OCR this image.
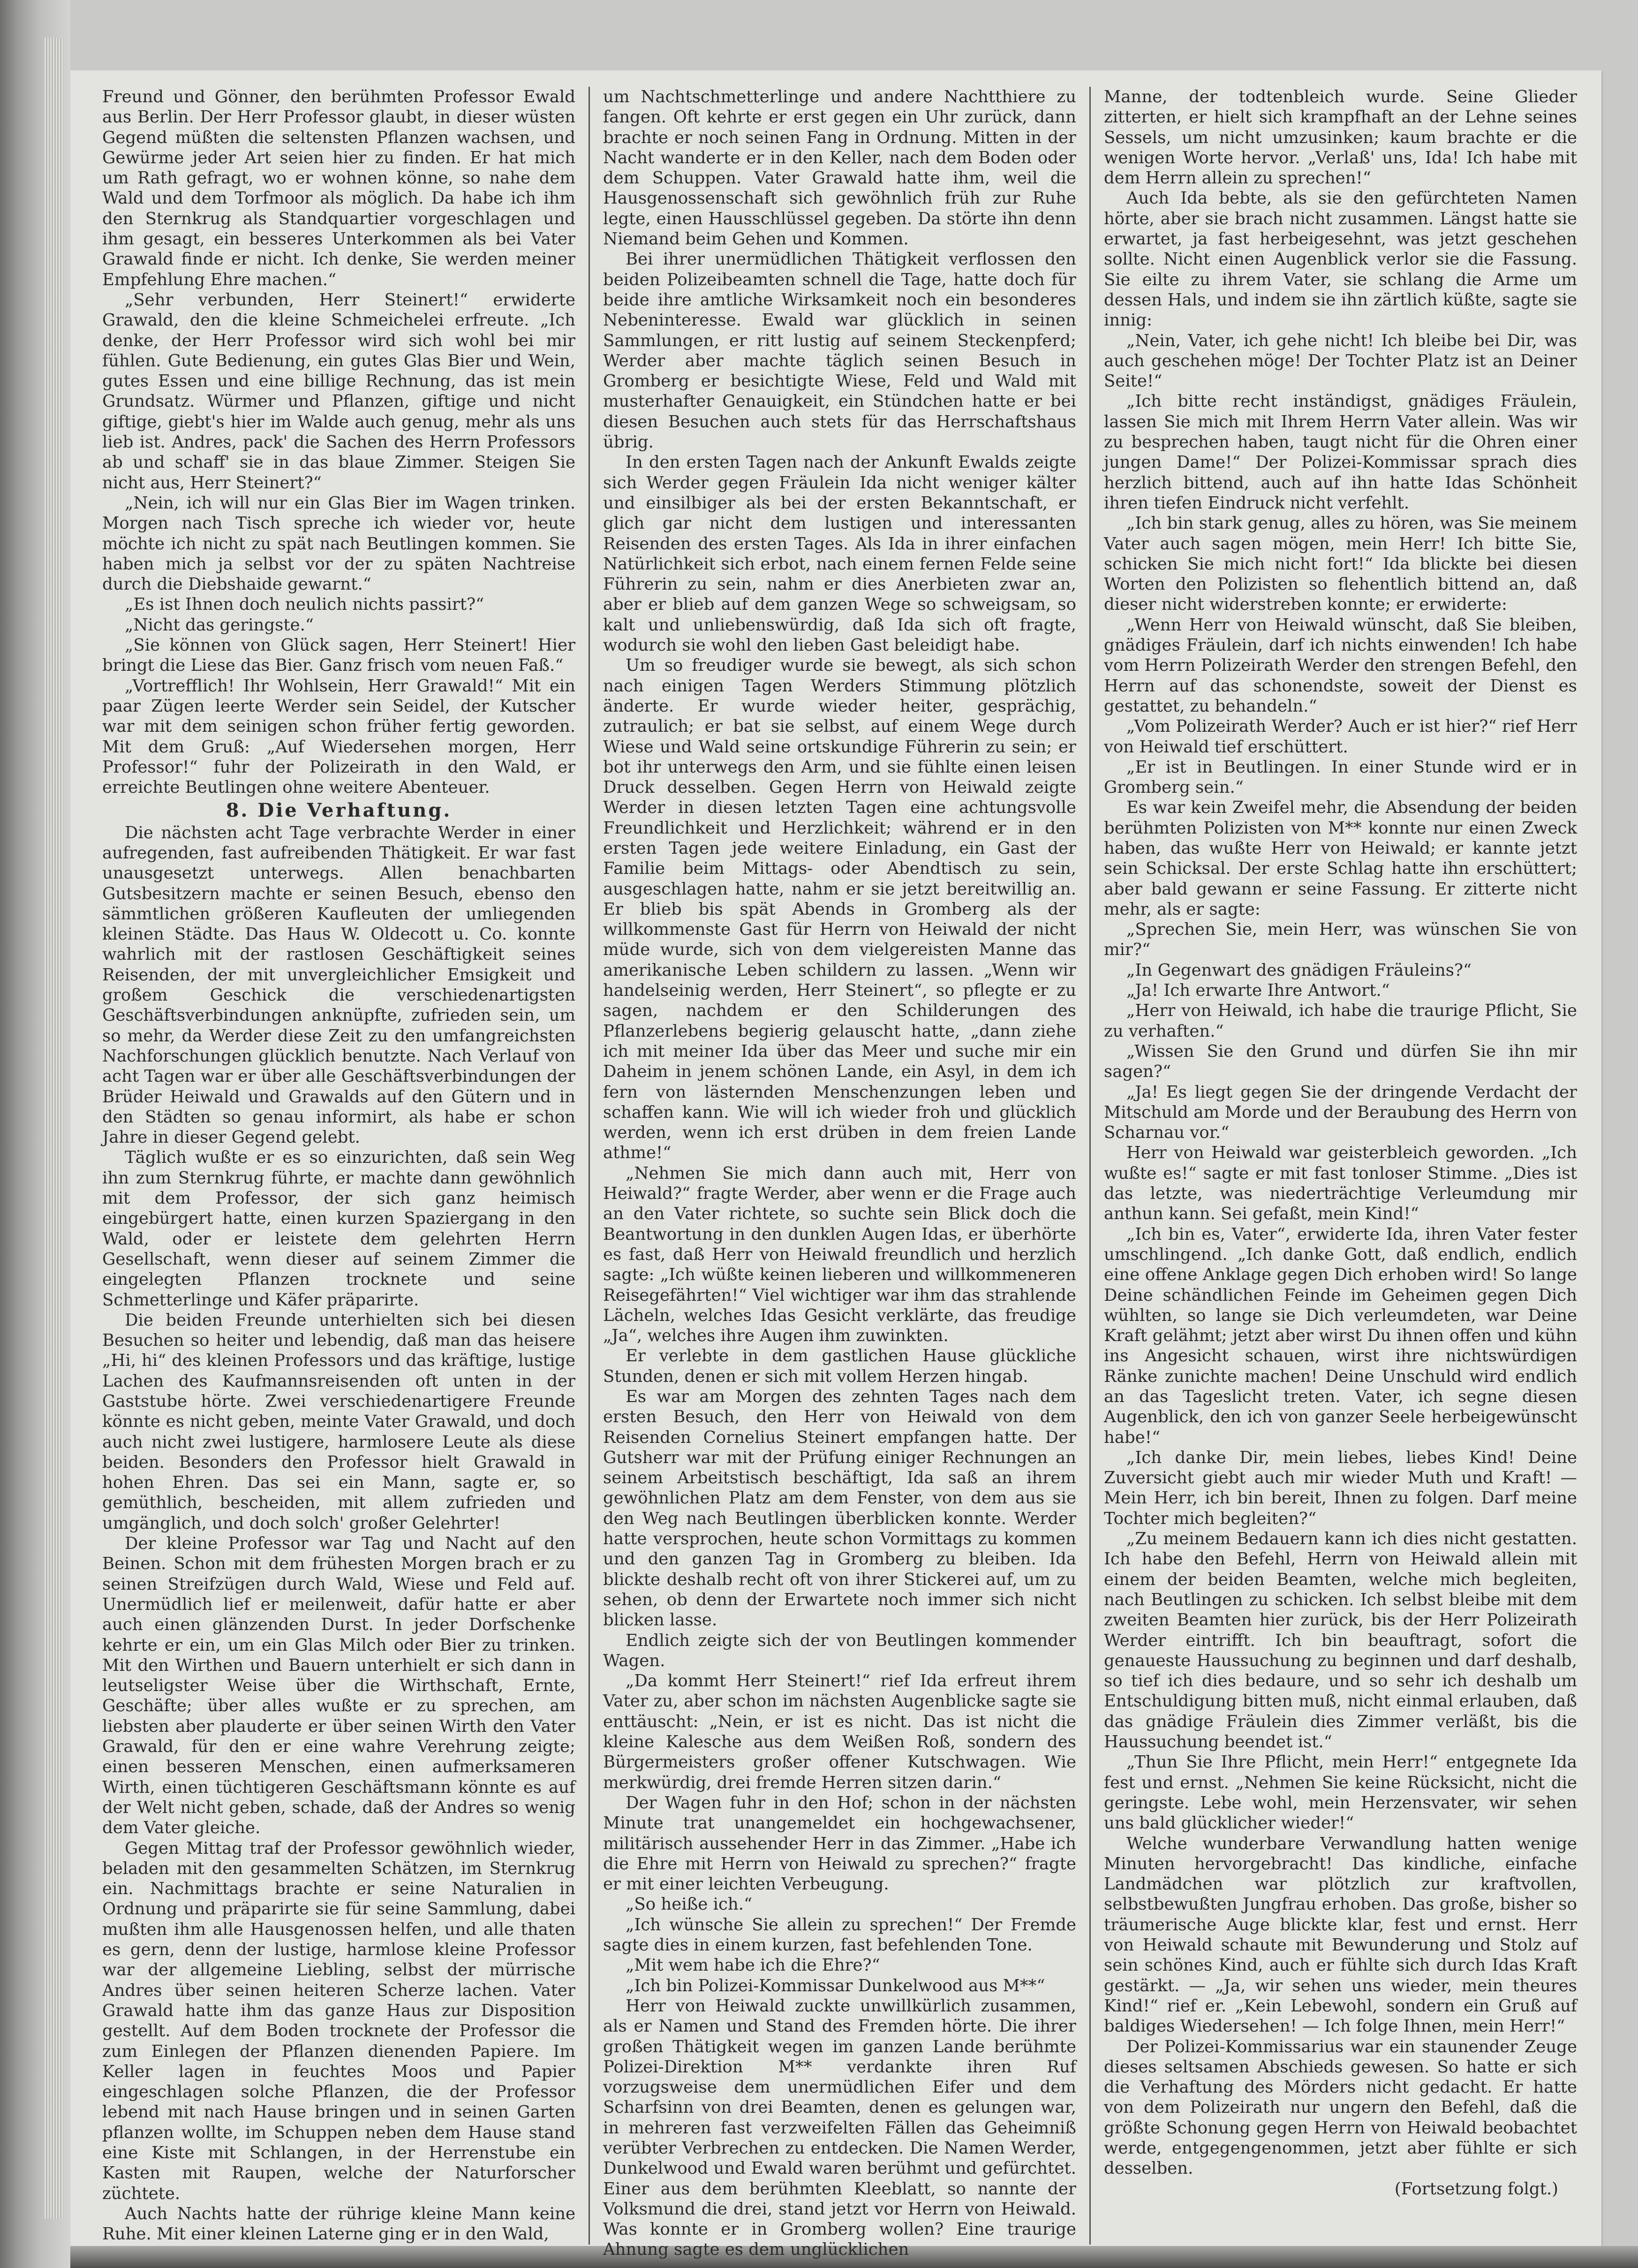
Freund und Gönner, den berühmten Professor Ewald aus Berlin. Der Herr Professor glaubt, in dieser wüsten Gegend müßten die seltensten Pflanzen wachsen, und Gewürme jeder Art seien hier zu finden. Er hat mich um Rath gefragt, wo er wohnen könne, so nahe dem Wald und dem Torfmoor als möglich. Da habe ich ihm den Sternkrug als Standquartier vorgeschlagen und ihm gesagt, ein besseres Unterkommen als bei Vater Grawald finde er nicht. Ich denke, Sie werden meiner Empfehlung Ehre machen.“

„Sehr verbunden, Herr Steinert!“ erwiderte Grawald, den die kleine Schmeichelei erfreute. „Ich denke, der Herr Professor wird sich wohl bei mir fühlen. Gute Bedienung, ein gutes Glas Bier und Wein, gutes Essen und eine billige Rechnung, das ist mein Grundsatz. Würmer und Pflanzen, giftige und nicht giftige, giebt's hier im Walde auch genug, mehr als uns lieb ist. Andres, pack' die Sachen des Herrn Professors ab und schaff' sie in das blaue Zimmer. Steigen Sie nicht aus, Herr Steinert?“

„Nein, ich will nur ein Glas Bier im Wagen trinken. Morgen nach Tisch spreche ich wieder vor, heute möchte ich nicht zu spät nach Beutlingen kommen. Sie haben mich ja selbst vor der zu späten Nachtreise durch die Diebshaide gewarnt.“

„Es ist Ihnen doch neulich nichts passirt?“

„Nicht das geringste.“

„Sie können von Glück sagen, Herr Steinert! Hier bringt die Liese das Bier. Ganz frisch vom neuen Faß.“

„Vortrefflich! Ihr Wohlsein, Herr Grawald!“ Mit ein paar Zügen leerte Werder sein Seidel, der Kutscher war mit dem seinigen schon früher fertig geworden. Mit dem Gruß: „Auf Wiedersehen morgen, Herr Professor!“ fuhr der Polizeirath in den Wald, er erreichte Beutlingen ohne weitere Abenteuer.

8. Die Verhaftung.

Die nächsten acht Tage verbrachte Werder in einer aufregenden, fast aufreibenden Thätigkeit. Er war fast unausgesetzt unterwegs. Allen benachbarten Gutsbesitzern machte er seinen Besuch, ebenso den sämmtlichen größeren Kaufleuten der umliegenden kleinen Städte. Das Haus W. Oldecott u. Co. konnte wahrlich mit der rastlosen Geschäftigkeit seines Reisenden, der mit unvergleichlicher Emsigkeit und großem Geschick die verschiedenartigsten Geschäftsverbindungen anknüpfte, zufrieden sein, um so mehr, da Werder diese Zeit zu den umfangreichsten Nachforschungen glücklich benutzte. Nach Verlauf von acht Tagen war er über alle Geschäftsverbindungen der Brüder Heiwald und Grawalds auf den Gütern und in den Städten so genau informirt, als habe er schon Jahre in dieser Gegend gelebt.

Täglich wußte er es so einzurichten, daß sein Weg ihn zum Sternkrug führte, er machte dann gewöhnlich mit dem Professor, der sich ganz heimisch eingebürgert hatte, einen kurzen Spaziergang in den Wald, oder er leistete dem gelehrten Herrn Gesellschaft, wenn dieser auf seinem Zimmer die eingelegten Pflanzen trocknete und seine Schmetterlinge und Käfer präparirte.

Die beiden Freunde unterhielten sich bei diesen Besuchen so heiter und lebendig, daß man das heisere „Hi, hi“ des kleinen Professors und das kräftige, lustige Lachen des Kaufmannsreisenden oft unten in der Gaststube hörte. Zwei verschiedenartigere Freunde könnte es nicht geben, meinte Vater Grawald, und doch auch nicht zwei lustigere, harmlosere Leute als diese beiden. Besonders den Professor hielt Grawald in hohen Ehren. Das sei ein Mann, sagte er, so gemüthlich, bescheiden, mit allem zufrieden und umgänglich, und doch solch' großer Gelehrter!

Der kleine Professor war Tag und Nacht auf den Beinen. Schon mit dem frühesten Morgen brach er zu seinen Streifzügen durch Wald, Wiese und Feld auf. Unermüdlich lief er meilenweit, dafür hatte er aber auch einen glänzenden Durst. In jeder Dorfschenke kehrte er ein, um ein Glas Milch oder Bier zu trinken. Mit den Wirthen und Bauern unterhielt er sich dann in leutseligster Weise über die Wirthschaft, Ernte, Geschäfte; über alles wußte er zu sprechen, am liebsten aber plauderte er über seinen Wirth den Vater Grawald, für den er eine wahre Verehrung zeigte; einen besseren Menschen, einen aufmerksameren Wirth, einen tüchtigeren Geschäftsmann könnte es auf der Welt nicht geben, schade, daß der Andres so wenig dem Vater gleiche.

Gegen Mittag traf der Professor gewöhnlich wieder, beladen mit den gesammelten Schätzen, im Sternkrug ein. Nachmittags brachte er seine Naturalien in Ordnung und präparirte sie für seine Sammlung, dabei mußten ihm alle Hausgenossen helfen, und alle thaten es gern, denn der lustige, harmlose kleine Professor war der allgemeine Liebling, selbst der mürrische Andres über seinen heiteren Scherze lachen. Vater Grawald hatte ihm das ganze Haus zur Disposition gestellt. Auf dem Boden trocknete der Professor die zum Einlegen der Pflanzen dienenden Papiere. Im Keller lagen in feuchtes Moos und Papier eingeschlagen solche Pflanzen, die der Professor lebend mit nach Hause bringen und in seinen Garten pflanzen wollte, im Schuppen neben dem Hause stand eine Kiste mit Schlangen, in der Herrenstube ein Kasten mit Raupen, welche der Naturforscher züchtete.

Auch Nachts hatte der rührige kleine Mann keine Ruhe. Mit einer kleinen Laterne ging er in den Wald,

um Nachtschmetterlinge und andere Nachtthiere zu fangen. Oft kehrte er erst gegen ein Uhr zurück, dann brachte er noch seinen Fang in Ordnung. Mitten in der Nacht wanderte er in den Keller, nach dem Boden oder dem Schuppen. Vater Grawald hatte ihm, weil die Hausgenossenschaft sich gewöhnlich früh zur Ruhe legte, einen Hausschlüssel gegeben. Da störte ihn denn Niemand beim Gehen und Kommen.

Bei ihrer unermüdlichen Thätigkeit verflossen den beiden Polizeibeamten schnell die Tage, hatte doch für beide ihre amtliche Wirksamkeit noch ein besonderes Nebeninteresse. Ewald war glücklich in seinen Sammlungen, er ritt lustig auf seinem Steckenpferd; Werder aber machte täglich seinen Besuch in Gromberg er besichtigte Wiese, Feld und Wald mit musterhafter Genauigkeit, ein Stündchen hatte er bei diesen Besuchen auch stets für das Herrschaftshaus übrig.

In den ersten Tagen nach der Ankunft Ewalds zeigte sich Werder gegen Fräulein Ida nicht weniger kälter und einsilbiger als bei der ersten Bekanntschaft, er glich gar nicht dem lustigen und interessanten Reisenden des ersten Tages. Als Ida in ihrer einfachen Natürlichkeit sich erbot, nach einem fernen Felde seine Führerin zu sein, nahm er dies Anerbieten zwar an, aber er blieb auf dem ganzen Wege so schweigsam, so kalt und unliebenswürdig, daß Ida sich oft fragte, wodurch sie wohl den lieben Gast beleidigt habe.

Um so freudiger wurde sie bewegt, als sich schon nach einigen Tagen Werders Stimmung plötzlich änderte. Er wurde wieder heiter, gesprächig, zutraulich; er bat sie selbst, auf einem Wege durch Wiese und Wald seine ortskundige Führerin zu sein; er bot ihr unterwegs den Arm, und sie fühlte einen leisen Druck desselben. Gegen Herrn von Heiwald zeigte Werder in diesen letzten Tagen eine achtungsvolle Freundlichkeit und Herzlichkeit; während er in den ersten Tagen jede weitere Einladung, ein Gast der Familie beim Mittags- oder Abendtisch zu sein, ausgeschlagen hatte, nahm er sie jetzt bereitwillig an. Er blieb bis spät Abends in Gromberg als der willkommenste Gast für Herrn von Heiwald der nicht müde wurde, sich von dem vielgereisten Manne das amerikanische Leben schildern zu lassen. „Wenn wir handelseinig werden, Herr Steinert“, so pflegte er zu sagen, nachdem er den Schilderungen des Pflanzerlebens begierig gelauscht hatte, „dann ziehe ich mit meiner Ida über das Meer und suche mir ein Daheim in jenem schönen Lande, ein Asyl, in dem ich fern von lästernden Menschenzungen leben und schaffen kann. Wie will ich wieder froh und glücklich werden, wenn ich erst drüben in dem freien Lande athme!“

„Nehmen Sie mich dann auch mit, Herr von Heiwald?“ fragte Werder, aber wenn er die Frage auch an den Vater richtete, so suchte sein Blick doch die Beantwortung in den dunklen Augen Idas, er überhörte es fast, daß Herr von Heiwald freundlich und herzlich sagte: „Ich wüßte keinen lieberen und willkommeneren Reisegefährten!“ Viel wichtiger war ihm das strahlende Lächeln, welches Idas Gesicht verklärte, das freudige „Ja“, welches ihre Augen ihm zuwinkten.

Er verlebte in dem gastlichen Hause glückliche Stunden, denen er sich mit vollem Herzen hingab.

Es war am Morgen des zehnten Tages nach dem ersten Besuch, den Herr von Heiwald von dem Reisenden Cornelius Steinert empfangen hatte. Der Gutsherr war mit der Prüfung einiger Rechnungen an seinem Arbeitstisch beschäftigt, Ida saß an ihrem gewöhnlichen Platz am dem Fenster, von dem aus sie den Weg nach Beutlingen überblicken konnte. Werder hatte versprochen, heute schon Vormittags zu kommen und den ganzen Tag in Gromberg zu bleiben. Ida blickte deshalb recht oft von ihrer Stickerei auf, um zu sehen, ob denn der Erwartete noch immer sich nicht blicken lasse.

Endlich zeigte sich der von Beutlingen kommender Wagen.

„Da kommt Herr Steinert!“ rief Ida erfreut ihrem Vater zu, aber schon im nächsten Augenblicke sagte sie enttäuscht: „Nein, er ist es nicht. Das ist nicht die kleine Kalesche aus dem Weißen Roß, sondern des Bürgermeisters großer offener Kutschwagen. Wie merkwürdig, drei fremde Herren sitzen darin.“

Der Wagen fuhr in den Hof; schon in der nächsten Minute trat unangemeldet ein hochgewachsener, militärisch aussehender Herr in das Zimmer. „Habe ich die Ehre mit Herrn von Heiwald zu sprechen?“ fragte er mit einer leichten Verbeugung.

„So heiße ich.“

„Ich wünsche Sie allein zu sprechen!“ Der Fremde sagte dies in einem kurzen, fast befehlenden Tone.

„Mit wem habe ich die Ehre?“

„Ich bin Polizei-Kommissar Dunkelwood aus M**“

Herr von Heiwald zuckte unwillkürlich zusammen, als er Namen und Stand des Fremden hörte. Die ihrer großen Thätigkeit wegen im ganzen Lande berühmte Polizei-Direktion M** verdankte ihren Ruf vorzugsweise dem unermüdlichen Eifer und dem Scharfsinn von drei Beamten, denen es gelungen war, in mehreren fast verzweifelten Fällen das Geheimniß verübter Verbrechen zu entdecken. Die Namen Werder, Dunkelwood und Ewald waren berühmt und gefürchtet. Einer aus dem berühmten Kleeblatt, so nannte der Volksmund die drei, stand jetzt vor Herrn von Heiwald. Was konnte er in Gromberg wollen? Eine traurige Ahnung sagte es dem unglücklichen

Manne, der todtenbleich wurde. Seine Glieder zitterten, er hielt sich krampfhaft an der Lehne seines Sessels, um nicht umzusinken; kaum brachte er die wenigen Worte hervor. „Verlaß' uns, Ida! Ich habe mit dem Herrn allein zu sprechen!“

Auch Ida bebte, als sie den gefürchteten Namen hörte, aber sie brach nicht zusammen. Längst hatte sie erwartet, ja fast herbeigesehnt, was jetzt geschehen sollte. Nicht einen Augenblick verlor sie die Fassung. Sie eilte zu ihrem Vater, sie schlang die Arme um dessen Hals, und indem sie ihn zärtlich küßte, sagte sie innig:

„Nein, Vater, ich gehe nicht! Ich bleibe bei Dir, was auch geschehen möge! Der Tochter Platz ist an Deiner Seite!“

„Ich bitte recht inständigst, gnädiges Fräulein, lassen Sie mich mit Ihrem Herrn Vater allein. Was wir zu besprechen haben, taugt nicht für die Ohren einer jungen Dame!“ Der Polizei-Kommissar sprach dies herzlich bittend, auch auf ihn hatte Idas Schönheit ihren tiefen Eindruck nicht verfehlt.

„Ich bin stark genug, alles zu hören, was Sie meinem Vater auch sagen mögen, mein Herr! Ich bitte Sie, schicken Sie mich nicht fort!“ Ida blickte bei diesen Worten den Polizisten so flehentlich bittend an, daß dieser nicht widerstreben konnte; er erwiderte:

„Wenn Herr von Heiwald wünscht, daß Sie bleiben, gnädiges Fräulein, darf ich nichts einwenden! Ich habe vom Herrn Polizeirath Werder den strengen Befehl, den Herrn auf das schonendste, soweit der Dienst es gestattet, zu behandeln.“

„Vom Polizeirath Werder? Auch er ist hier?“ rief Herr von Heiwald tief erschüttert.

„Er ist in Beutlingen. In einer Stunde wird er in Gromberg sein.“

Es war kein Zweifel mehr, die Absendung der beiden berühmten Polizisten von M** konnte nur einen Zweck haben, das wußte Herr von Heiwald; er kannte jetzt sein Schicksal. Der erste Schlag hatte ihn erschüttert; aber bald gewann er seine Fassung. Er zitterte nicht mehr, als er sagte:

„Sprechen Sie, mein Herr, was wünschen Sie von mir?“

„In Gegenwart des gnädigen Fräuleins?“

„Ja! Ich erwarte Ihre Antwort.“

„Herr von Heiwald, ich habe die traurige Pflicht, Sie zu verhaften.“

„Wissen Sie den Grund und dürfen Sie ihn mir sagen?“

„Ja! Es liegt gegen Sie der dringende Verdacht der Mitschuld am Morde und der Beraubung des Herrn von Scharnau vor.“

Herr von Heiwald war geisterbleich geworden. „Ich wußte es!“ sagte er mit fast tonloser Stimme. „Dies ist das letzte, was niederträchtige Verleumdung mir anthun kann. Sei gefaßt, mein Kind!“

„Ich bin es, Vater“, erwiderte Ida, ihren Vater fester umschlingend. „Ich danke Gott, daß endlich, endlich eine offene Anklage gegen Dich erhoben wird! So lange Deine schändlichen Feinde im Geheimen gegen Dich wühlten, so lange sie Dich verleumdeten, war Deine Kraft gelähmt; jetzt aber wirst Du ihnen offen und kühn ins Angesicht schauen, wirst ihre nichtswürdigen Ränke zunichte machen! Deine Unschuld wird endlich an das Tageslicht treten. Vater, ich segne diesen Augenblick, den ich von ganzer Seele herbeigewünscht habe!“

„Ich danke Dir, mein liebes, liebes Kind! Deine Zuversicht giebt auch mir wieder Muth und Kraft! — Mein Herr, ich bin bereit, Ihnen zu folgen. Darf meine Tochter mich begleiten?“

„Zu meinem Bedauern kann ich dies nicht gestatten. Ich habe den Befehl, Herrn von Heiwald allein mit einem der beiden Beamten, welche mich begleiten, nach Beutlingen zu schicken. Ich selbst bleibe mit dem zweiten Beamten hier zurück, bis der Herr Polizeirath Werder eintrifft. Ich bin beauftragt, sofort die genaueste Haussuchung zu beginnen und darf deshalb, so tief ich dies bedaure, und so sehr ich deshalb um Entschuldigung bitten muß, nicht einmal erlauben, daß das gnädige Fräulein dies Zimmer verläßt, bis die Haussuchung beendet ist.“

„Thun Sie Ihre Pflicht, mein Herr!“ entgegnete Ida fest und ernst. „Nehmen Sie keine Rücksicht, nicht die geringste. Lebe wohl, mein Herzensvater, wir sehen uns bald glücklicher wieder!“

Welche wunderbare Verwandlung hatten wenige Minuten hervorgebracht! Das kindliche, einfache Landmädchen war plötzlich zur kraftvollen, selbstbewußten Jungfrau erhoben. Das große, bisher so träumerische Auge blickte klar, fest und ernst. Herr von Heiwald schaute mit Bewunderung und Stolz auf sein schönes Kind, auch er fühlte sich durch Idas Kraft gestärkt. — „Ja, wir sehen uns wieder, mein theures Kind!“ rief er. „Kein Lebewohl, sondern ein Gruß auf baldiges Wiedersehen! — Ich folge Ihnen, mein Herr!“

Der Polizei-Kommissarius war ein staunender Zeuge dieses seltsamen Abschieds gewesen. So hatte er sich die Verhaftung des Mörders nicht gedacht. Er hatte von dem Polizeirath nur ungern den Befehl, daß die größte Schonung gegen Herrn von Heiwald beobachtet werde, entgegengenommen, jetzt aber fühlte er sich desselben.

(Fortsetzung folgt.)
